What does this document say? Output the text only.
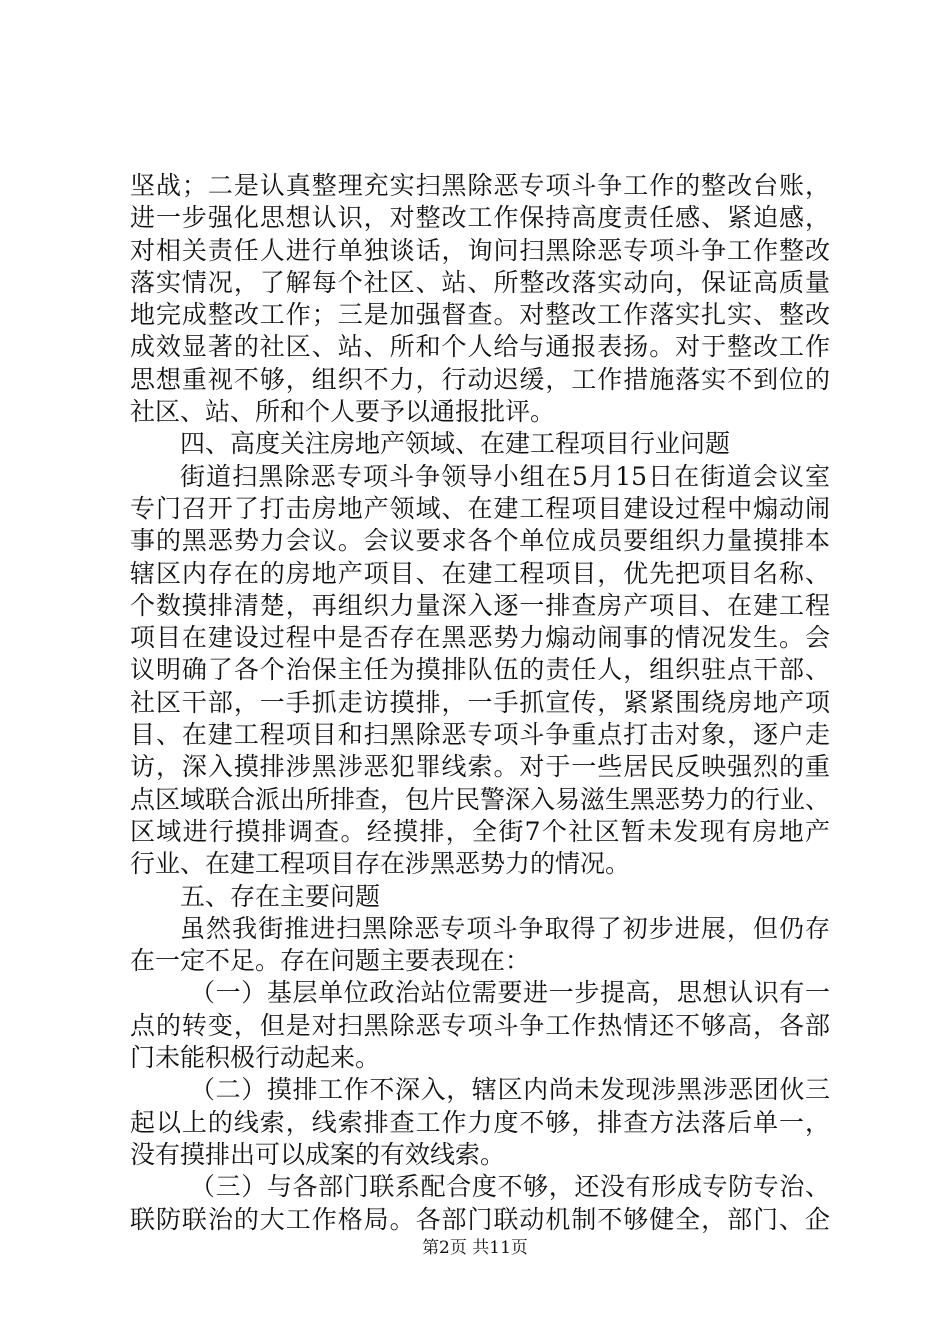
坚战；二是认真整理充实扫黑除恶专项斗争工作的整改台账，
进一步强化思想认识，对整改工作保持高度责任感、紧迫感，
对相关责任人进行单独谈话，询问扫黑除恶专项斗争工作整改
落实情况，了解每个社区、站、所整改落实动向，保证高质量
地完成整改工作；三是加强督查。对整改工作落实扎实、整改
成效显著的社区、站、所和个人给与通报表扬。对于整改工作
思想重视不够，组织不力，行动迟缓，工作措施落实不到位的
社区、站、所和个人要予以通报批评。
四、高度关注房地产领域、在建工程项目行业问题
街道扫黑除恶专项斗争领导小组在5月15日在街道会议室
专门召开了打击房地产领域、在建工程项目建设过程中煽动闹
事的黑恶势力会议。会议要求各个单位成员要组织力量摸排本
辖区内存在的房地产项目、在建工程项目，优先把项目名称、
个数摸排清楚，再组织力量深入逐一排查房产项目、在建工程
项目在建设过程中是否存在黑恶势力煽动闹事的情况发生。会
议明确了各个治保主任为摸排队伍的责任人，组织驻点干部、
社区干部，一手抓走访摸排，一手抓宣传，紧紧围绕房地产项
目、在建工程项目和扫黑除恶专项斗争重点打击对象，逐户走
访，深入摸排涉黑涉恶犯罪线索。对于一些居民反映强烈的重
点区域联合派出所排查，包片民警深入易滋生黑恶势力的行业、
区域进行摸排调查。经摸排，全街7个社区暂未发现有房地产
行业、在建工程项目存在涉黑恶势力的情况。
五、存在主要问题
虽然我街推进扫黑除恶专项斗争取得了初步进展，但仍存
在一定不足。存在问题主要表现在：
（一）基层单位政治站位需要进一步提高，思想认识有一
点的转变，但是对扫黑除恶专项斗争工作热情还不够高，各部
门未能积极行动起来。
（二）摸排工作不深入，辖区内尚未发现涉黑涉恶团伙三
起以上的线索，线索排查工作力度不够，排查方法落后单一，
没有摸排出可以成案的有效线索。
（三）与各部门联系配合度不够，还没有形成专防专治、
联防联治的大工作格局。各部门联动机制不够健全，部门、企
第2页 共11页
